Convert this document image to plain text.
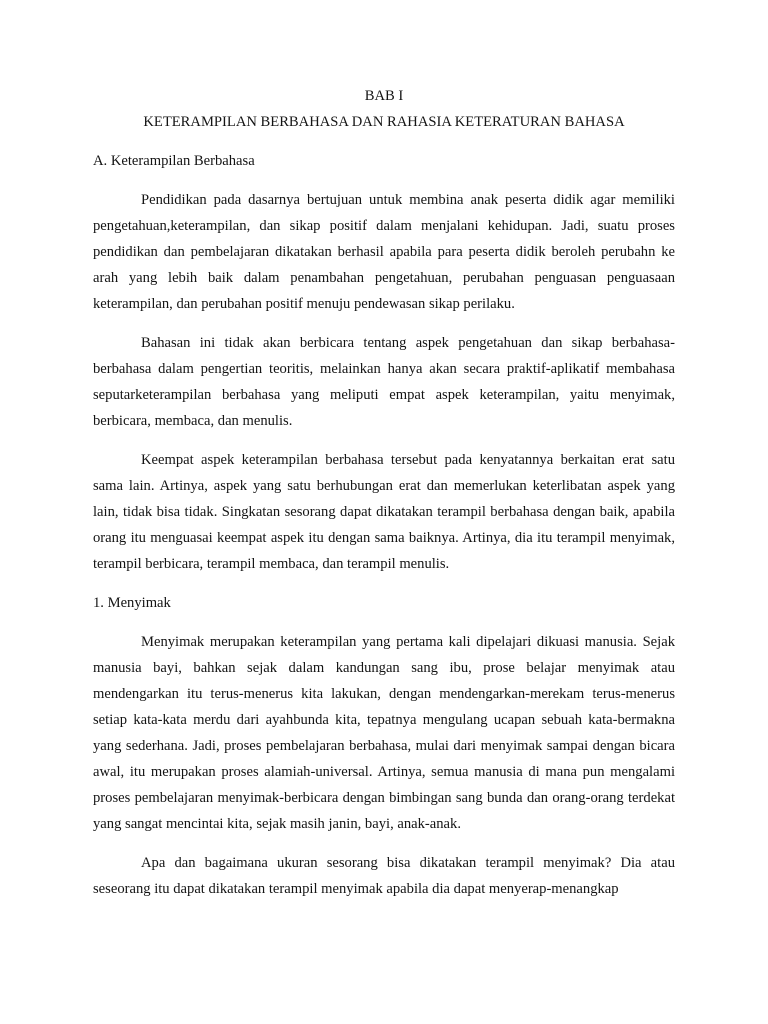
BAB I
KETERAMPILAN BERBAHASA DAN RAHASIA KETERATURAN BAHASA
A. Keterampilan Berbahasa

Pendidikan pada dasarnya bertujuan untuk membina anak peserta didik agar memiliki pengetahuan,keterampilan, dan sikap positif dalam menjalani kehidupan. Jadi, suatu proses pendidikan dan pembelajaran dikatakan berhasil apabila para peserta didik beroleh perubahn ke arah yang lebih baik dalam penambahan pengetahuan, perubahan penguasan penguasaan keterampilan, dan perubahan positif menuju pendewasan sikap perilaku.

Bahasan ini tidak akan berbicara tentang aspek pengetahuan dan sikap berbahasa-berbahasa dalam pengertian teoritis, melainkan hanya akan secara praktif-aplikatif membahasa seputarketerampilan berbahasa yang meliputi empat aspek keterampilan, yaitu menyimak, berbicara, membaca, dan menulis.

Keempat aspek keterampilan berbahasa tersebut pada kenyatannya berkaitan erat satu sama lain. Artinya, aspek yang satu berhubungan erat dan memerlukan keterlibatan aspek yang lain, tidak bisa tidak. Singkatan sesorang dapat dikatakan terampil berbahasa dengan baik, apabila orang itu menguasai keempat aspek itu dengan sama baiknya. Artinya, dia itu terampil menyimak, terampil berbicara, terampil membaca, dan terampil menulis.

1. Menyimak

Menyimak merupakan keterampilan yang pertama kali dipelajari dikuasi manusia. Sejak manusia bayi, bahkan sejak dalam kandungan sang ibu, prose belajar menyimak atau mendengarkan itu terus-menerus kita lakukan, dengan mendengarkan-merekam terus-menerus setiap kata-kata merdu dari ayahbunda kita, tepatnya mengulang ucapan sebuah kata-bermakna yang sederhana. Jadi, proses pembelajaran berbahasa, mulai dari menyimak sampai dengan bicara awal, itu merupakan proses alamiah-universal. Artinya, semua manusia di mana pun mengalami proses pembelajaran menyimak-berbicara dengan bimbingan sang bunda dan orang-orang terdekat yang sangat mencintai kita, sejak masih janin, bayi, anak-anak.

Apa dan bagaimana ukuran sesorang bisa dikatakan terampil menyimak? Dia atau seseorang itu dapat dikatakan terampil menyimak apabila dia dapat menyerap-menangkap
